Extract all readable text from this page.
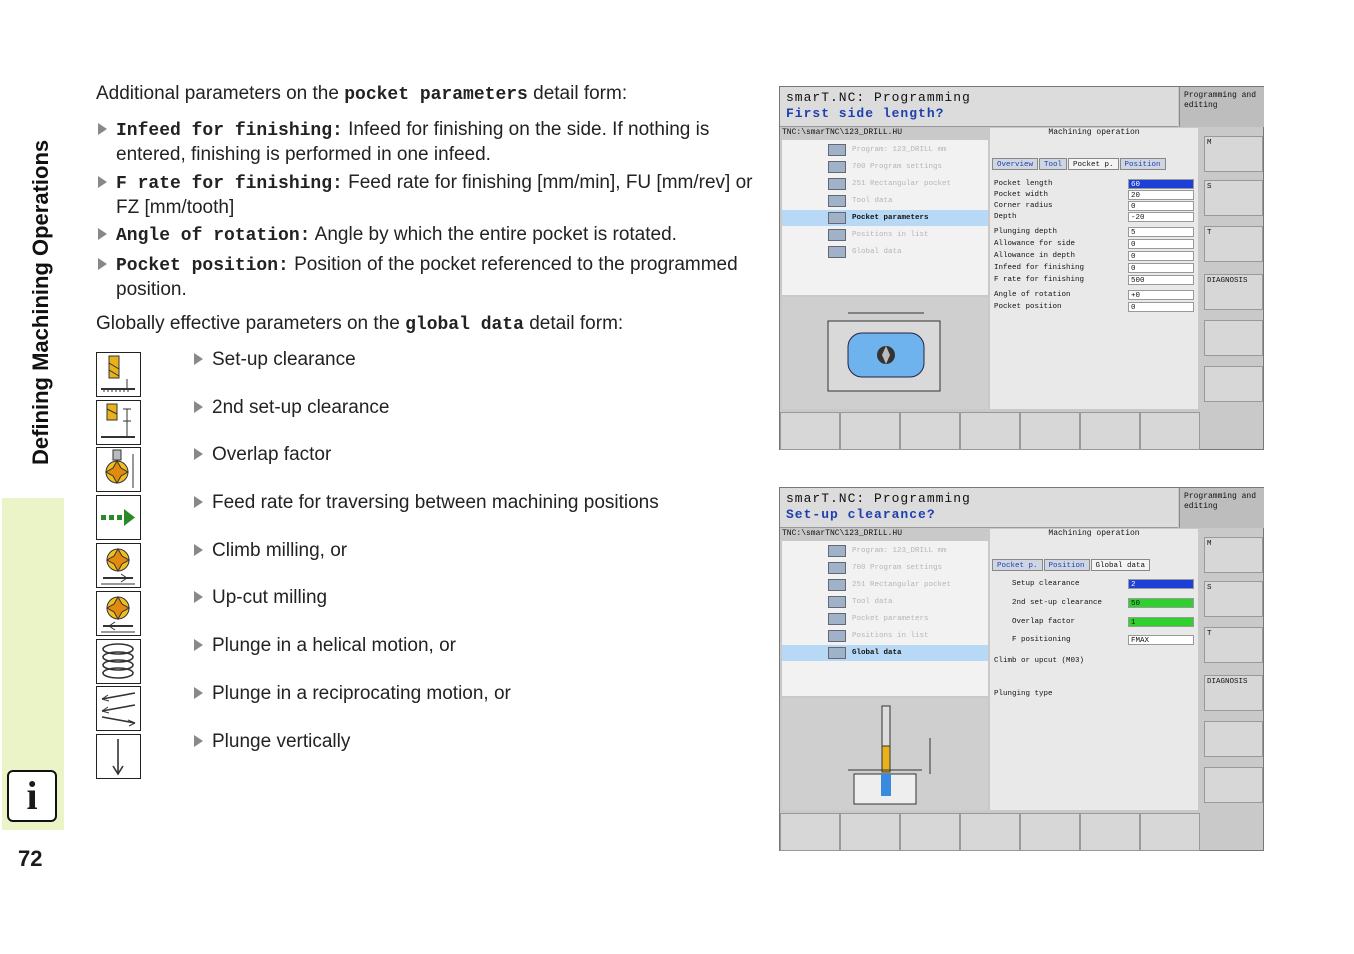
Defining Machining Operations
i
72
Additional parameters on the pocket parameters detail form:
Infeed for finishing: Infeed for finishing on the side. If nothing is entered, finishing is performed in one infeed.
F rate for finishing: Feed rate for finishing [mm/min], FU [mm/rev] or FZ [mm/tooth]
Angle of rotation: Angle by which the entire pocket is rotated.
Pocket position: Position of the pocket referenced to the programmed position.
Globally effective parameters on the global data detail form:
Set-up clearance
2nd set-up clearance
Overlap factor
Feed rate for traversing between machining positions
Climb milling, or
Up-cut milling
Plunge in a helical motion, or
Plunge in a reciprocating motion, or
Plunge vertically
smarT.NC: Programming
First side length?
Programming and editing
TNC:\smarTNC\123_DRILL.HU
Program: 123_DRILL mm
700 Program settings
251 Rectangular pocket
Tool data
Pocket parameters
Positions in list
Global data
Machining operation
Overview	Tool	Pocket p.	Position
Pocket length	60
Pocket width	20
Corner radius	0
Depth	-20
Plunging depth	5
Allowance for side	0
Allowance in depth	0
Infeed for finishing	0
F rate for finishing	500
Angle of rotation	+0
Pocket position	0
M
S
T
DIAGNOSIS
smarT.NC: Programming
Set-up clearance?
Programming and editing
TNC:\smarTNC\123_DRILL.HU
Program: 123_DRILL mm
700 Program settings
251 Rectangular pocket
Tool data
Pocket parameters
Positions in list
Global data
Machining operation
Pocket p.	Position	Global data
Setup clearance	2
2nd set-up clearance	50
Overlap factor	1
F positioning	FMAX
Climb or upcut (M03)
Plunging type
M
S
T
DIAGNOSIS
